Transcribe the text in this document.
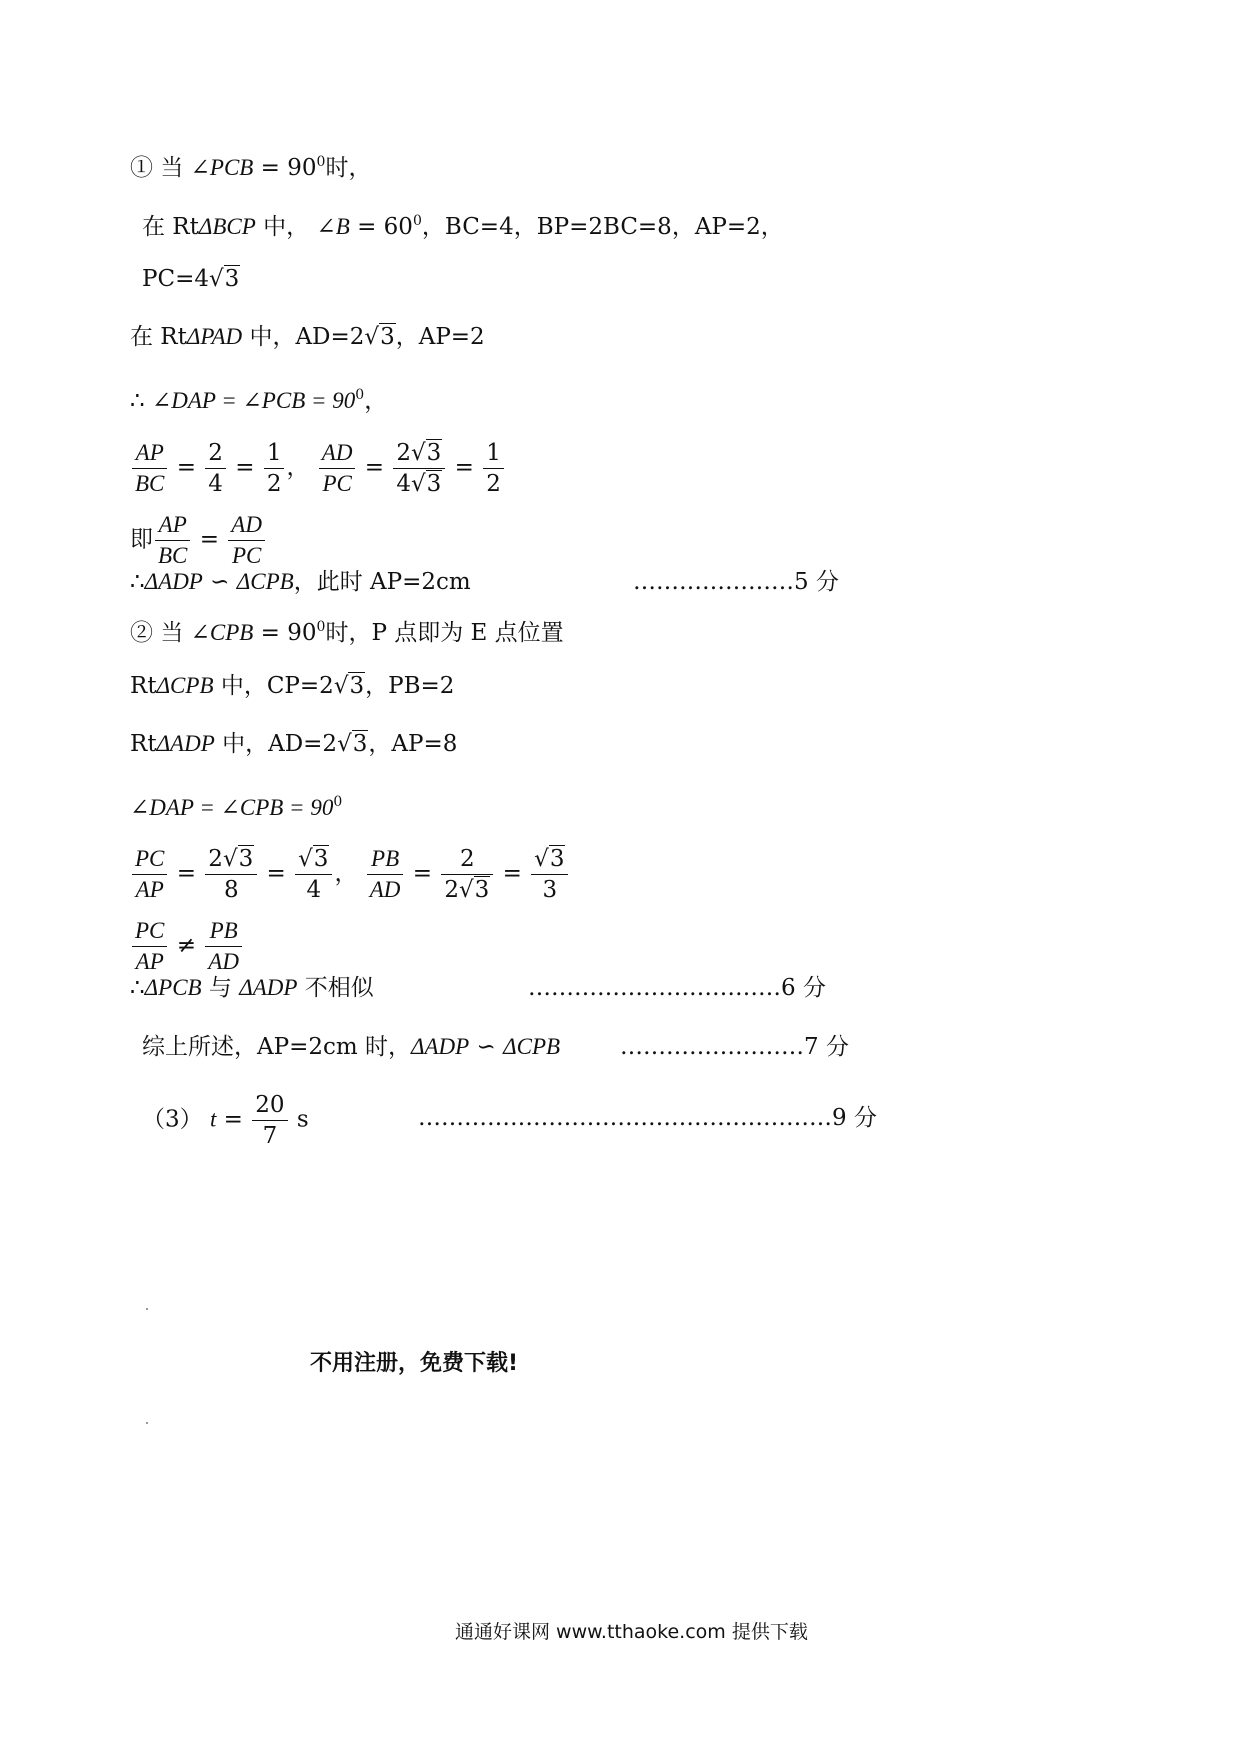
① 当 ∠PCB = $90^0$时，
在 RtΔBCP 中， ∠B = $60^0$，BC=4，BP=2BC=8，AP=2，
PC=4√3
在 RtΔPAD 中，AD=2√3，AP=2
∴ ∠DAP = ∠PCB = $90^0$，
$\frac{AP}{BC} = \frac{2}{4} = \frac{1}{2}$ ， $\frac{AD}{PC} = \frac{2√3}{4√3} = \frac{1}{2}$
即 $\frac{AP}{BC} = \frac{AD}{PC}$
∴ΔADP ∽ ΔCPB，此时 AP=2cm	…………………5 分
② 当 ∠CPB = $90^0$时，P 点即为 E 点位置
RtΔCPB 中，CP=2√3，PB=2
RtΔADP 中，AD=2√3，AP=8
∠DAP = ∠CPB = $90^0$
$\frac{PC}{AP} = \frac{2√3}{8} = \frac{√3}{4}$ ， $\frac{PB}{AD} = \frac{2}{2√3} = \frac{√3}{3}$
$\frac{PC}{AP} \ne \frac{PB}{AD}$
∴ΔPCB 与 ΔADP 不相似	……………………………6 分
综上所述，AP=2cm 时，ΔADP ∽ ΔCPB	……………………7 分
（3） $t = \frac{20}{7}$ s	………………………………………………9 分
不用注册，免费下载!
通通好课网 www.tthaoke.com 提供下载
